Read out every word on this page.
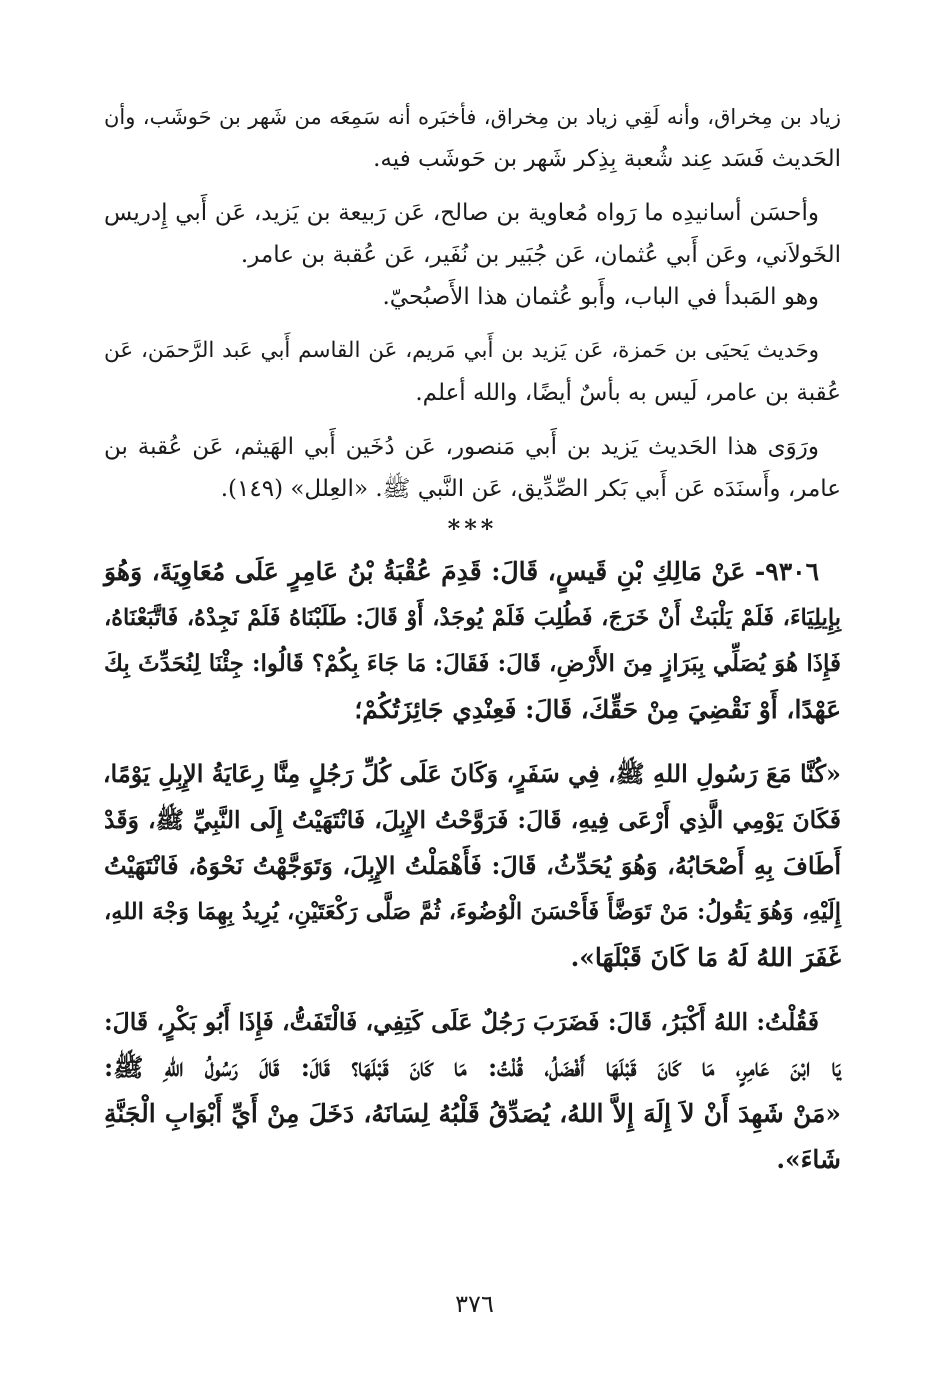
زياد بن مِخراق، وأنه لَقِي زياد بن مِخراق، فأخبَره أنه سَمِعَه من شَهر بن حَوشَب، وأن
الحَديث فَسَد عِند شُعبة بِذِكر شَهر بن حَوشَب فيه.

وأحسَن أسانيدِه ما رَواه مُعاوية بن صالح، عَن رَبيعة بن يَزيد، عَن أَبي إِدريس
الخَولاَني، وعَن أَبي عُثمان، عَن جُبَير بن نُفَير، عَن عُقبة بن عامر.

وهو المَبدأ في الباب، وأَبو عُثمان هذا الأَصبُحيّ.

وحَديث يَحيَى بن حَمزة، عَن يَزيد بن أَبي مَريم، عَن القاسم أَبي عَبد الرَّحمَن، عَن
عُقبة بن عامر، لَيس به بأسٌ أيضًا، والله أعلم.

ورَوَى هذا الحَديث يَزيد بن أَبي مَنصور، عَن دُخَين أَبي الهَيثم، عَن عُقبة بن
عامر، وأَسنَدَه عَن أَبي بَكر الصِّدِّيق، عَن النَّبي ﷺ. «العِلل» (١٤٩).

***

٩٣٠٦- عَنْ مَالِكِ بْنِ قَيسٍ، قَالَ: قَدِمَ عُقْبَةُ بْنُ عَامِرٍ عَلَى مُعَاوِيَةَ، وَهُوَ
بِإِيلِيَاءَ، فَلَمْ يَلْبَثْ أَنْ خَرَجَ، فَطُلِبَ فَلَمْ يُوجَدْ، أَوْ قَالَ: طَلَبْنَاهُ فَلَمْ نَجِدْهُ، فَاتَّبَعْنَاهُ،
فَإِذَا هُوَ يُصَلِّي بِبَرَازٍ مِنَ الأَرْضِ، قَالَ: فَقَالَ: مَا جَاءَ بِكُمْ؟ قَالُوا: جِئْنَا لِنُحَدِّثَ بِكَ
عَهْدًا، أَوْ نَقْضِيَ مِنْ حَقِّكَ، قَالَ: فَعِنْدِي جَائِزَتُكُمْ؛

«كُنَّا مَعَ رَسُولِ اللهِ ﷺ، فِي سَفَرٍ، وَكَانَ عَلَى كُلِّ رَجُلٍ مِنَّا رِعَايَةُ الإِبِلِ يَوْمًا،
فَكَانَ يَوْمِي الَّذِي أَرْعَى فِيهِ، قَالَ: فَرَوَّحْتُ الإِبِلَ، فَانْتَهَيْتُ إِلَى النَّبِيِّ ﷺ، وَقَدْ
أَطَافَ بِهِ أَصْحَابُهُ، وَهُوَ يُحَدِّثُ، قَالَ: فَأَهْمَلْتُ الإِبِلَ، وَتَوَجَّهْتُ نَحْوَهُ، فَانْتَهَيْتُ
إِلَيْهِ، وَهُوَ يَقُولُ: مَنْ تَوَضَّأَ فَأَحْسَنَ الْوُضُوءَ، ثُمَّ صَلَّى رَكْعَتَيْنِ، يُرِيدُ بِهِمَا وَجْهَ اللهِ،
غَفَرَ اللهُ لَهُ مَا كَانَ قَبْلَهَا».

فَقُلْتُ: اللهُ أَكْبَرُ، قَالَ: فَضَرَبَ رَجُلٌ عَلَى كَتِفِي، فَالْتَفَتُّ، فَإِذَا أَبُو بَكْرٍ، قَالَ:
يَا ابْنَ عَامِرٍ، مَا كَانَ قَبْلَهَا أَفْضَلُ، قُلْتُ: مَا كَانَ قَبْلَهَا؟ قَالَ: قَالَ رَسُولُ اللهِ ﷺ:
«مَنْ شَهِدَ أَنْ لاَ إِلَهَ إِلاَّ اللهُ، يُصَدِّقُ قَلْبُهُ لِسَانَهُ، دَخَلَ مِنْ أَيِّ أَبْوَابِ الْجَنَّةِ
شَاءَ».

٣٧٦
